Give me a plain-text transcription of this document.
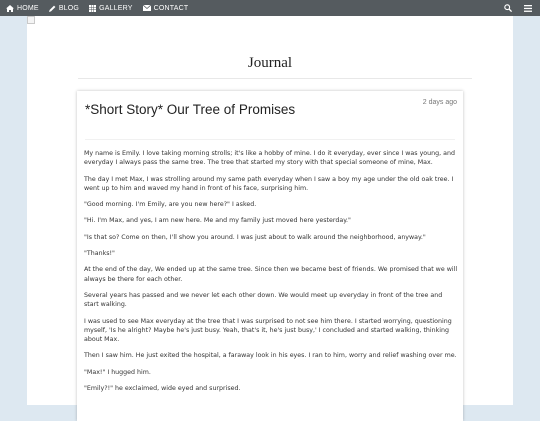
HOME	BLOG	GALLERY	CONTACT
Journal
*Short Story* Our Tree of Promises	2 days ago

My name is Emily. I love taking morning strolls; it's like a hobby of mine. I do it everyday, ever since I was young, and everyday I always pass the same tree. The tree that started my story with that special someone of mine, Max.

The day I met Max, I was strolling around my same path everyday when I saw a boy my age under the old oak tree. I went up to him and waved my hand in front of his face, surprising him.

"Good morning. I'm Emily, are you new here?" I asked.

"Hi. I'm Max, and yes, I am new here. Me and my family just moved here yesterday."

"Is that so? Come on then, I'll show you around. I was just about to walk around the neighborhood, anyway."

"Thanks!"

At the end of the day, We ended up at the same tree. Since then we became best of friends. We promised that we will always be there for each other.

Several years has passed and we never let each other down. We would meet up everyday in front of the tree and start walking.

I was used to see Max everyday at the tree that I was surprised to not see him there. I started worrying, questioning myself, 'Is he alright? Maybe he's just busy. Yeah, that's it, he's just busy,' I concluded and started walking, thinking about Max.

Then I saw him. He just exited the hospital, a faraway look in his eyes. I ran to him, worry and relief washing over me.

"Max!" I hugged him.

"Emily?!" he exclaimed, wide eyed and surprised.
